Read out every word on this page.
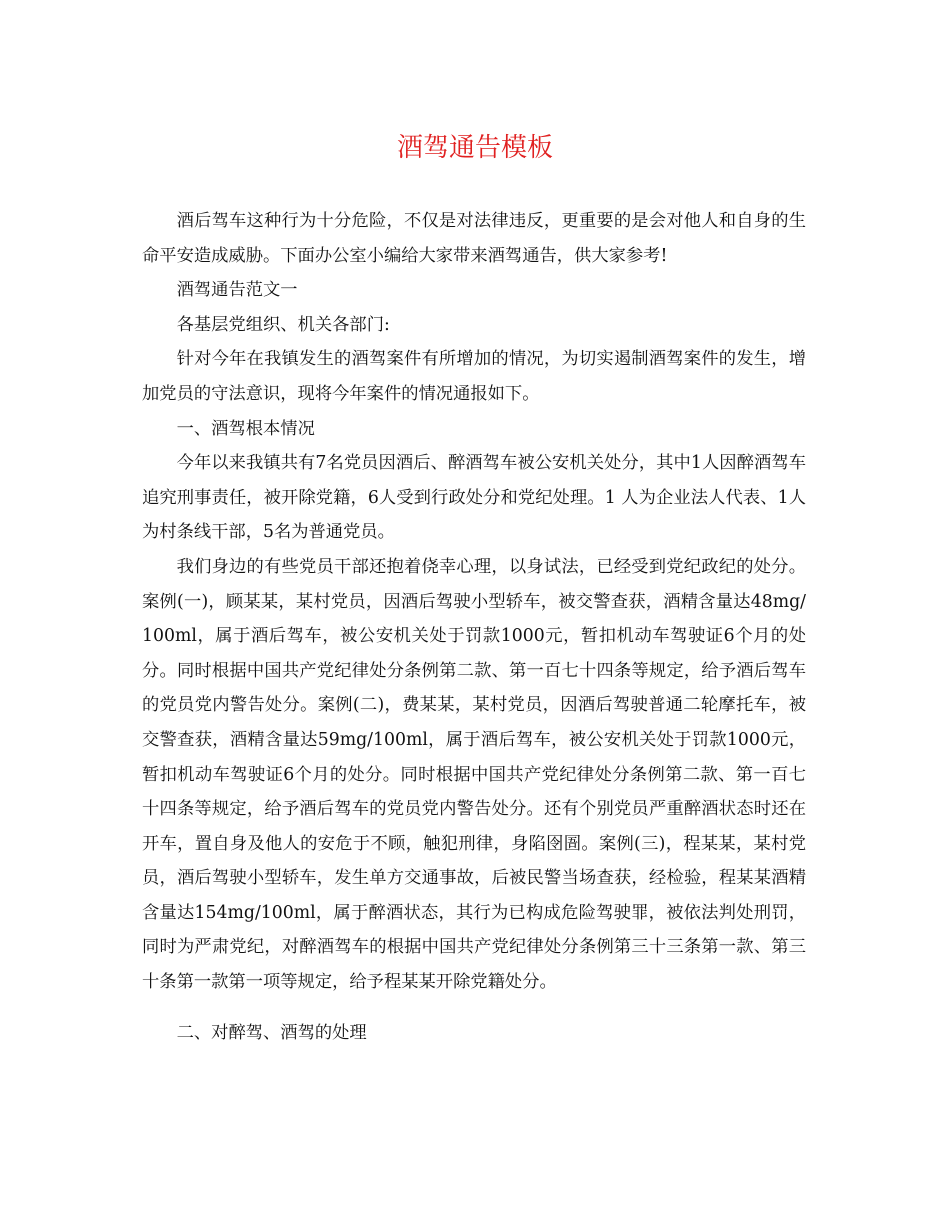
酒驾通告模板

酒后驾车这种行为十分危险，不仅是对法律违反，更重要的是会对他人和自身的生命平安造成威胁。下面办公室小编给大家带来酒驾通告，供大家参考!

酒驾通告范文一

各基层党组织、机关各部门:

针对今年在我镇发生的酒驾案件有所增加的情况，为切实遏制酒驾案件的发生，增加党员的守法意识，现将今年案件的情况通报如下。

一、酒驾根本情况

今年以来我镇共有7名党员因酒后、醉酒驾车被公安机关处分，其中1人因醉酒驾车追究刑事责任，被开除党籍，6人受到行政处分和党纪处理。1 人为企业法人代表、1人为村条线干部，5名为普通党员。

我们身边的有些党员干部还抱着侥幸心理，以身试法，已经受到党纪政纪的处分。案例(一)，顾某某，某村党员，因酒后驾驶小型轿车，被交警查获，酒精含量达48mg/100ml，属于酒后驾车，被公安机关处于罚款1000元，暂扣机动车驾驶证6个月的处分。同时根据中国共产党纪律处分条例第二款、第一百七十四条等规定，给予酒后驾车的党员党内警告处分。案例(二)，费某某，某村党员，因酒后驾驶普通二轮摩托车，被交警查获，酒精含量达59mg/100ml，属于酒后驾车，被公安机关处于罚款1000元，暂扣机动车驾驶证6个月的处分。同时根据中国共产党纪律处分条例第二款、第一百七十四条等规定，给予酒后驾车的党员党内警告处分。还有个别党员严重醉酒状态时还在开车，置自身及他人的安危于不顾，触犯刑律，身陷囹圄。案例(三)，程某某，某村党员，酒后驾驶小型轿车，发生单方交通事故，后被民警当场查获，经检验，程某某酒精含量达154mg/100ml，属于醉酒状态，其行为已构成危险驾驶罪，被依法判处刑罚，同时为严肃党纪，对醉酒驾车的根据中国共产党纪律处分条例第三十三条第一款、第三十条第一款第一项等规定，给予程某某开除党籍处分。

二、对醉驾、酒驾的处理
